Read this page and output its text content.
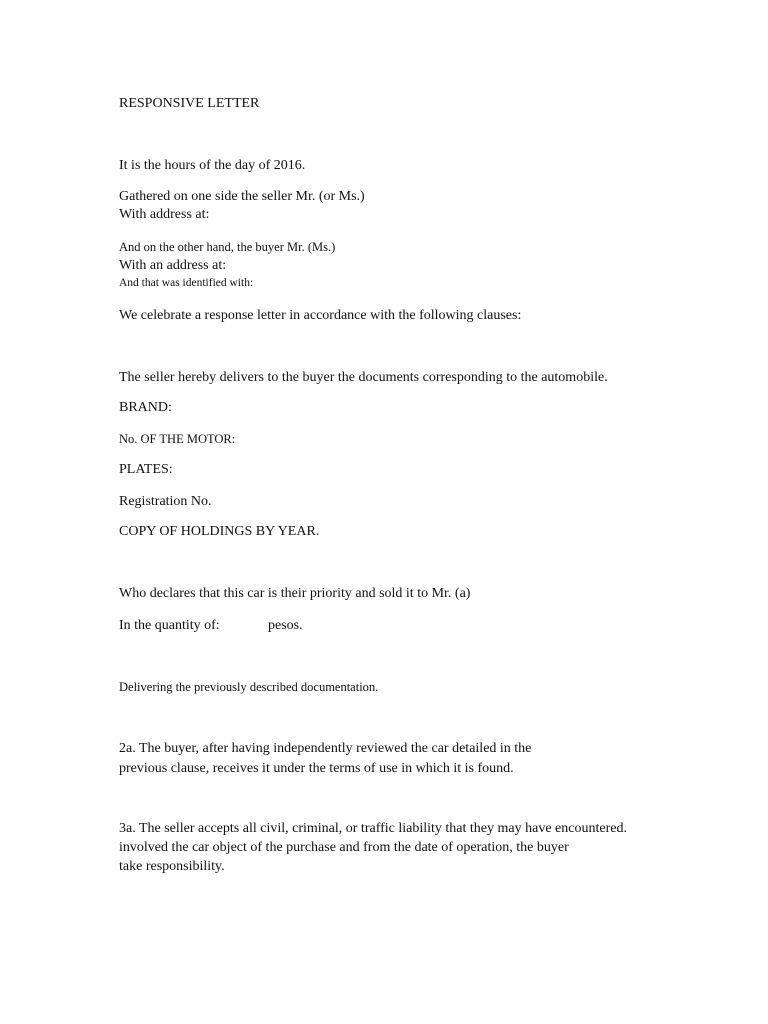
RESPONSIVE LETTER
It is the hours of the day of 2016.
Gathered on one side the seller Mr. (or Ms.)
With address at:
And on the other hand, the buyer Mr. (Ms.)
With an address at:
And that was identified with:
We celebrate a response letter in accordance with the following clauses:
The seller hereby delivers to the buyer the documents corresponding to the automobile.
BRAND:
No. OF THE MOTOR:
PLATES:
Registration No.
COPY OF HOLDINGS BY YEAR.
Who declares that this car is their priority and sold it to Mr. (a)
In the quantity of:	pesos.
Delivering the previously described documentation.
2a. The buyer, after having independently reviewed the car detailed in the
previous clause, receives it under the terms of use in which it is found.
3a. The seller accepts all civil, criminal, or traffic liability that they may have encountered.
involved the car object of the purchase and from the date of operation, the buyer
take responsibility.
